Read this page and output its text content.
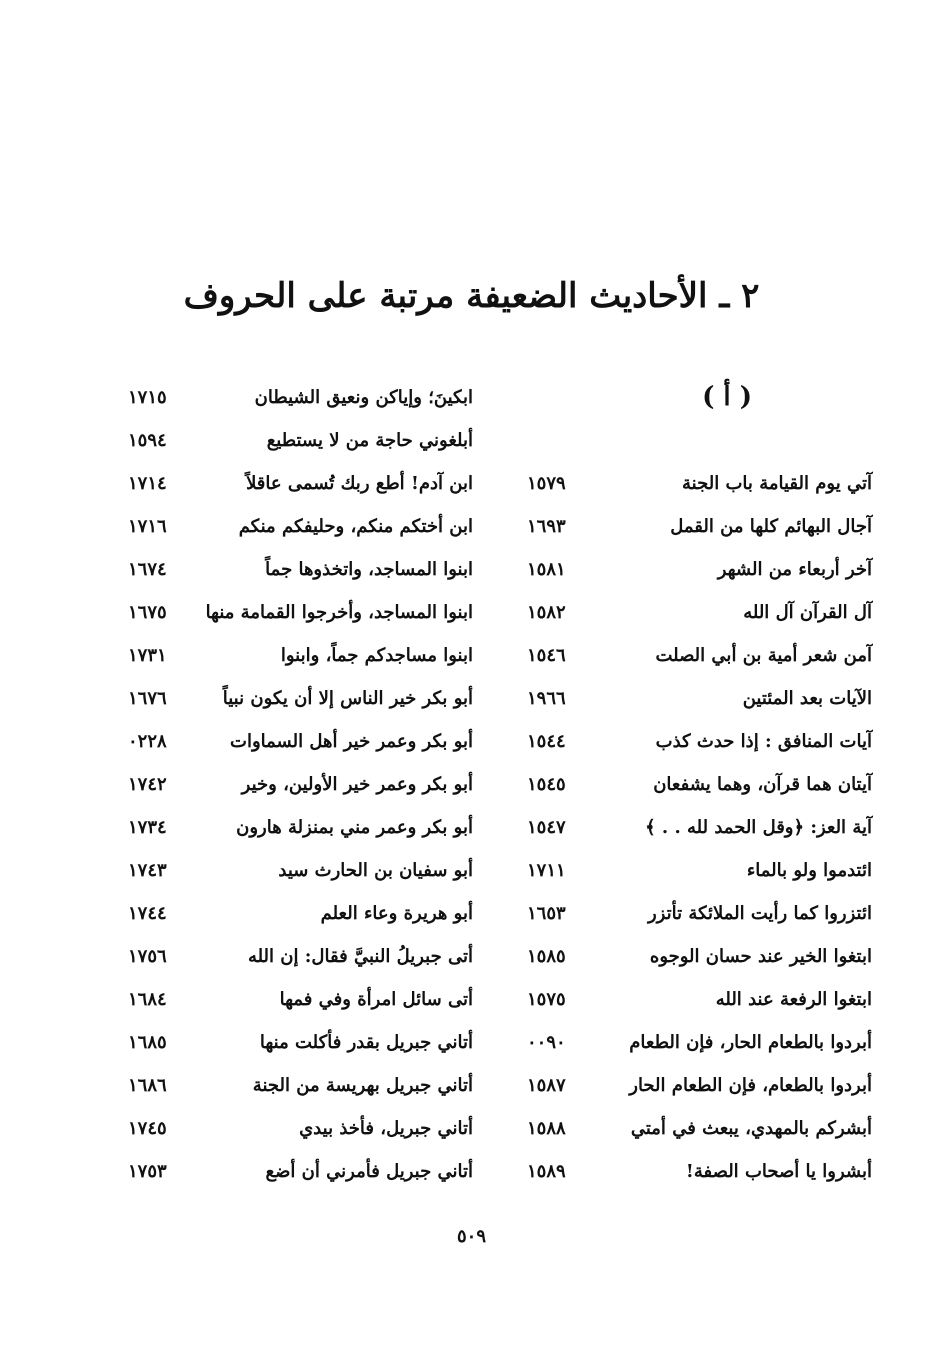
٢ ـ الأحاديث الضعيفة مرتبة على الحروف
( أ )
آتي يوم القيامة باب الجنة
١٥٧٩
آجال البهائم كلها من القمل
١٦٩٣
آخر أربعاء من الشهر
١٥٨١
آل القرآن آل الله
١٥٨٢
آمن شعر أمية بن أبي الصلت
١٥٤٦
الآيات بعد المئتين
١٩٦٦
آيات المنافق : إذا حدث كذب
١٥٤٤
آيتان هما قرآن، وهما يشفعان
١٥٤٥
آية العز: ﴿وقل الحمد لله . . ﴾
١٥٤٧
ائتدموا ولو بالماء
١٧١١
ائتزروا كما رأيت الملائكة تأتزر
١٦٥٣
ابتغوا الخير عند حسان الوجوه
١٥٨٥
ابتغوا الرفعة عند الله
١٥٧٥
أبردوا بالطعام الحار، فإن الطعام
٠٠٩٠
أبردوا بالطعام، فإن الطعام الحار
١٥٨٧
أبشركم بالمهدي، يبعث في أمتي
١٥٨٨
أبشروا يا أصحاب الصفة!
١٥٨٩
ابكينَ؛ وإياكن ونعيق الشيطان
١٧١٥
أبلغوني حاجة من لا يستطيع
١٥٩٤
ابن آدم! أطع ربك تُسمى عاقلاً
١٧١٤
ابن أختكم منكم، وحليفكم منكم
١٧١٦
ابنوا المساجد، واتخذوها جماً
١٦٧٤
ابنوا المساجد، وأخرجوا القمامة منها
١٦٧٥
ابنوا مساجدكم جماً، وابنوا
١٧٣١
أبو بكر خير الناس إلا أن يكون نبياً
١٦٧٦
أبو بكر وعمر خير أهل السماوات
٠٢٢٨
أبو بكر وعمر خير الأولين، وخير
١٧٤٢
أبو بكر وعمر مني بمنزلة هارون
١٧٣٤
أبو سفيان بن الحارث سيد
١٧٤٣
أبو هريرة وعاء العلم
١٧٤٤
أتى جبريلُ النبيَّ فقال: إن الله
١٧٥٦
أتى سائل امرأة وفي فمها
١٦٨٤
أتاني جبريل بقدر فأكلت منها
١٦٨٥
أتاني جبريل بهريسة من الجنة
١٦٨٦
أتاني جبريل، فأخذ بيدي
١٧٤٥
أتاني جبريل فأمرني أن أضع
١٧٥٣
٥٠٩
